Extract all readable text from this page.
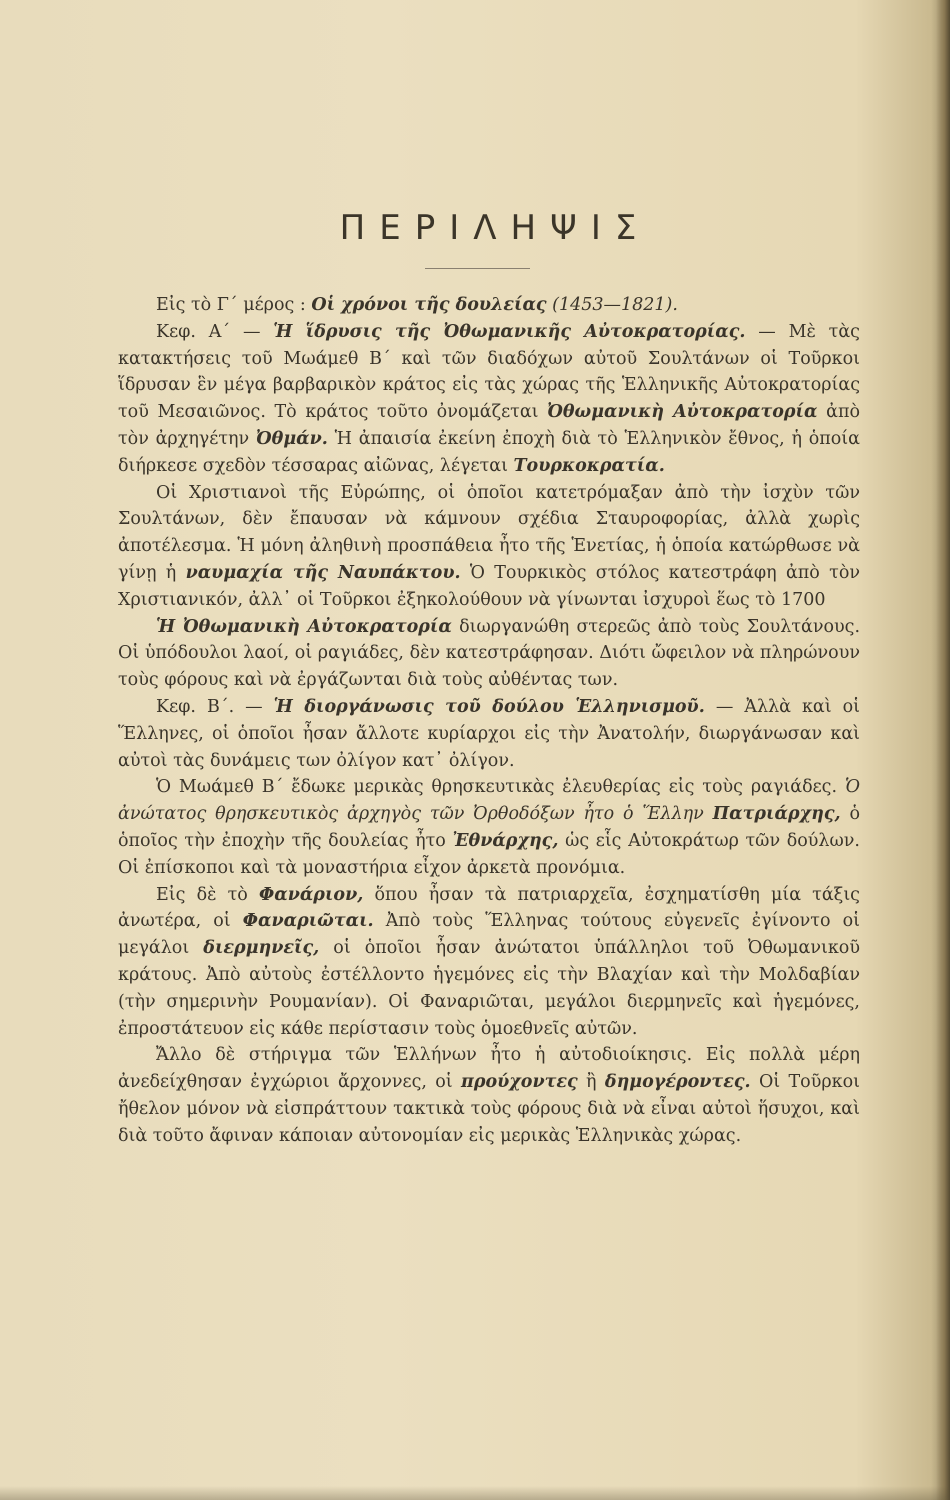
ΠΕΡΙΛΗΨΙΣ

Εἰς τὸ Γ΄ μέρος : Οἱ χρόνοι τῆς δουλείας (1453—1821).

Κεφ. Α΄ — Ἡ ἵδρυσις τῆς Ὀθωμανικῆς Αὐτοκρατορίας. — Μὲ τὰς κατακτήσεις τοῦ Μωάμεθ Β΄ καὶ τῶν διαδόχων αὐτοῦ Σουλτάνων οἱ Τοῦρκοι ἵδρυσαν ἓν μέγα βαρβαρικὸν κράτος εἰς τὰς χώρας τῆς Ἑλληνικῆς Αὐτοκρατορίας τοῦ Μεσαιῶνος. Τὸ κράτος τοῦτο ὀνομάζεται Ὀθωμανικὴ Αὐτοκρατορία ἀπὸ τὸν ἀρχηγέτην Ὀθμάν. Ἡ ἀπαισία ἐκείνη ἐποχὴ διὰ τὸ Ἑλληνικὸν ἔθνος, ἡ ὁποία διήρκεσε σχεδὸν τέσσαρας αἰῶνας, λέγεται Τουρκοκρατία.

Οἱ Χριστιανοὶ τῆς Εὐρώπης, οἱ ὁποῖοι κατετρόμαξαν ἀπὸ τὴν ἰσχὺν τῶν Σουλτάνων, δὲν ἔπαυσαν νὰ κάμνουν σχέδια Σταυροφορίας, ἀλλὰ χωρὶς ἀποτέλεσμα. Ἡ μόνη ἀληθινὴ προσπάθεια ἦτο τῆς Ἑνετίας, ἡ ὁποία κατώρθωσε νὰ γίνῃ ἡ ναυμαχία τῆς Ναυπάκτου. Ὁ Τουρκικὸς στόλος κατεστράφη ἀπὸ τὸν Χριστιανικόν, ἀλλ᾽ οἱ Τοῦρκοι ἐξηκολούθουν νὰ γίνωνται ἰσχυροὶ ἕως τὸ 1700

Ἡ Ὀθωμανικὴ Αὐτοκρατορία διωργανώθη στερεῶς ἀπὸ τοὺς Σουλτάνους. Οἱ ὑπόδουλοι λαοί, οἱ ραγιάδες, δὲν κατεστράφησαν. Διότι ὤφειλον νὰ πληρώνουν τοὺς φόρους καὶ νὰ ἐργάζωνται διὰ τοὺς αὐθέντας των.

Κεφ. Β΄. — Ἡ διοργάνωσις τοῦ δούλου Ἑλληνισμοῦ. — Ἀλλὰ καὶ οἱ Ἕλληνες, οἱ ὁποῖοι ἦσαν ἄλλοτε κυρίαρχοι εἰς τὴν Ἀνατολήν, διωργάνωσαν καὶ αὐτοὶ τὰς δυνάμεις των ὀλίγον κατ᾽ ὀλίγον.

Ὁ Μωάμεθ Β΄ ἔδωκε μερικὰς θρησκευτικὰς ἐλευθερίας εἰς τοὺς ραγιάδες. Ὁ ἀνώτατος θρησκευτικὸς ἀρχηγὸς τῶν Ὀρθοδόξων ἦτο ὁ Ἕλλην Πατριάρχης, ὁ ὁποῖος τὴν ἐποχὴν τῆς δουλείας ἦτο Ἐθνάρχης, ὡς εἷς Αὐτοκράτωρ τῶν δούλων. Οἱ ἐπίσκοποι καὶ τὰ μοναστήρια εἶχον ἀρκετὰ προνόμια.

Εἰς δὲ τὸ Φανάριον, ὅπου ἦσαν τὰ πατριαρχεῖα, ἐσχηματίσθη μία τάξις ἀνωτέρα, οἱ Φαναριῶται. Ἀπὸ τοὺς Ἕλληνας τούτους εὐγενεῖς ἐγίνοντο οἱ μεγάλοι διερμηνεῖς, οἱ ὁποῖοι ἦσαν ἀνώτατοι ὑπάλληλοι τοῦ Ὀθωμανικοῦ κράτους. Ἀπὸ αὐτοὺς ἐστέλλοντο ἡγεμόνες εἰς τὴν Βλαχίαν καὶ τὴν Μολδαβίαν (τὴν σημερινὴν Ρουμανίαν). Οἱ Φαναριῶται, μεγάλοι διερμηνεῖς καὶ ἡγεμόνες, ἐπροστάτευον εἰς κάθε περίστασιν τοὺς ὁμοεθνεῖς αὐτῶν.

Ἄλλο δὲ στήριγμα τῶν Ἑλλήνων ἦτο ἡ αὐτοδιοίκησις. Εἰς πολλὰ μέρη ἀνεδείχθησαν ἐγχώριοι ἄρχοννες, οἱ προύχοντες ἢ δημογέροντες. Οἱ Τοῦρκοι ἤθελον μόνον νὰ εἰσπράττουν τακτικὰ τοὺς φόρους διὰ νὰ εἶναι αὐτοὶ ἥσυχοι, καὶ διὰ τοῦτο ἄφιναν κάποιαν αὐτονομίαν εἰς μερικὰς Ἑλληνικὰς χώρας.
